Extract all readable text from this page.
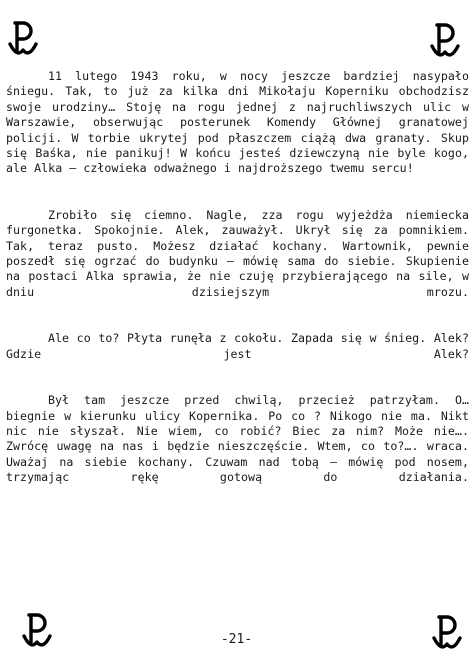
11 lutego 1943 roku, w nocy jeszcze bardziej nasypało śniegu. Tak, to już za kilka dni Mikołaju Koperniku obchodzisz swoje urodziny… Stoję na rogu jednej z najruchliwszych ulic w Warszawie, obserwując posterunek Komendy Głównej granatowej policji. W torbie ukrytej pod płaszczem ciążą dwa granaty. Skup się Baśka, nie panikuj! W końcu jesteś dziewczyną nie byle kogo, ale Alka – człowieka odważnego i najdroższego twemu sercu!

Zrobiło się ciemno. Nagle, zza rogu wyjeżdża niemiecka furgonetka. Spokojnie. Alek, zauważył. Ukrył się za pomnikiem. Tak, teraz pusto. Możesz działać kochany. Wartownik, pewnie poszedł się ogrzać do budynku – mówię sama do siebie. Skupienie na postaci Alka sprawia, że nie czuję przybierającego na sile, w dniu dzisiejszym mrozu.

Ale co to? Płyta runęła z cokołu. Zapada się w śnieg. Alek? Gdzie jest Alek?

Był tam jeszcze przed chwilą, przecież patrzyłam. O… biegnie w kierunku ulicy Kopernika. Po co ? Nikogo nie ma. Nikt nic nie słyszał. Nie wiem, co robić? Biec za nim? Może nie…. Zwrócę uwagę na nas i będzie nieszczęście. Wtem, co to?…. wraca. Uważaj na siebie kochany. Czuwam nad tobą – mówię pod nosem, trzymając rękę gotową do działania.

-21-
